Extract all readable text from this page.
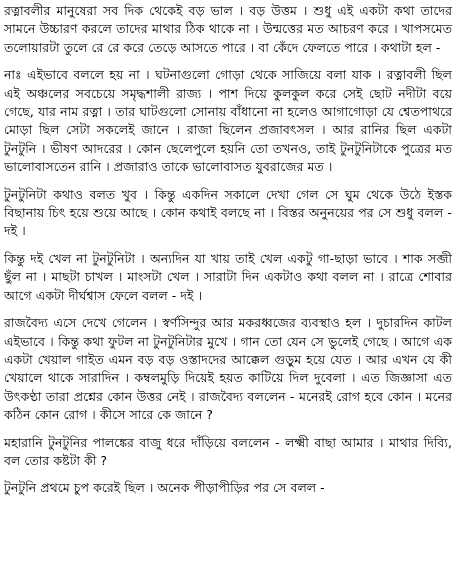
রত্নাবলীর মানুষেরা সব দিক থেকেই বড় ভাল । বড় উত্তম । শুধু এই একটা কথা তাদের সামনে উচ্চারণ করলে তাদের মাথার ঠিক থাকে না । উন্মত্তের মত আচরণ করে । খাপসমেত তলোয়ারটা তুলে রে রে করে তেড়ে আসতে পারে । বা কেঁদে ফেলতে পারে । কথাটা হল -

নাঃ এইভাবে বললে হয় না । ঘটনাগুলো গোড়া থেকে সাজিয়ে বলা যাক । রত্নাবলী ছিল এই অঞ্চলের সবচেয়ে সমৃদ্ধশালী রাজ্য । পাশ দিয়ে কুলকুল করে সেই ছোট নদীটা বয়ে গেছে, যার নাম রত্না । তার ঘাটগুলো সোনায় বাঁধানো না হলেও আগাগোড়া যে শ্বেতপাথরে মোড়া ছিল সেটা সকলেই জানে । রাজা ছিলেন প্রজাবৎসল । আর রানির ছিল একটা টুনটুনি । ভীষণ আদরের । কোন ছেলেপুলে হয়নি তো তখনও, তাই টুনটুনিটাকে পুত্রের মত ভালোবাসতেন রানি । প্রজারাও তাকে ভালোবাসত যুবরাজের মত ।

টুনটুনিটা কথাও বলত খুব । কিন্তু একদিন সকালে দেখা গেল সে ঘুম থেকে উঠে ইস্তক বিছানায় চিৎ হয়ে শুয়ে আছে । কোন কথাই বলছে না । বিস্তর অনুনয়ের পর সে শুধু বলল - দই ।

কিন্তু দই খেল না টুনটুনিটা । অন্যদিন যা খায় তাই খেল একটু গা-ছাড়া ভাবে । শাক সব্জী ছুঁল না । মাছটা চাখল । মাংসটা খেল । সারাটা দিন একটাও কথা বলল না । রাত্রে শোবার আগে একটা দীর্ঘশ্বাস ফেলে বলল - দই ।

রাজবৈদ্য এসে দেখে গেলেন । স্বর্ণসিন্দুর আর মকরধ্বজের ব্যবস্থাও হল । দুচারদিন কাটল এইভাবে । কিন্তু কথা ফুটল না টুনটুনিটার মুখে । গান তো যেন সে ভুলেই গেছে । আগে এক একটা খেয়াল গাইত এমন বড় বড় ওস্তাদদের আক্কেল গুড়ুম হয়ে যেত । আর এখন যে কী খেয়ালে থাকে সারাদিন । কম্বলমুড়ি দিয়েই হয়ত কাটিয়ে দিল দুবেলা । এত জিজ্ঞাসা এত উৎকণ্ঠা তারা প্রশ্নের কোন উত্তর নেই । রাজবৈদ্য বললেন - মনেরই রোগ হবে কোন । মনের কঠিন কোন রোগ । কীসে সারে কে জানে ?

মহারানি টুনটুনির পালঙ্কের বাজু ধরে দাঁড়িয়ে বললেন - লক্ষ্মী বাছা আমার । মাথার দিব্যি, বল তোর কষ্টটা কী ?

টুনটুনি প্রথমে চুপ করেই ছিল । অনেক পীড়াপীড়ির পর সে বলল -
